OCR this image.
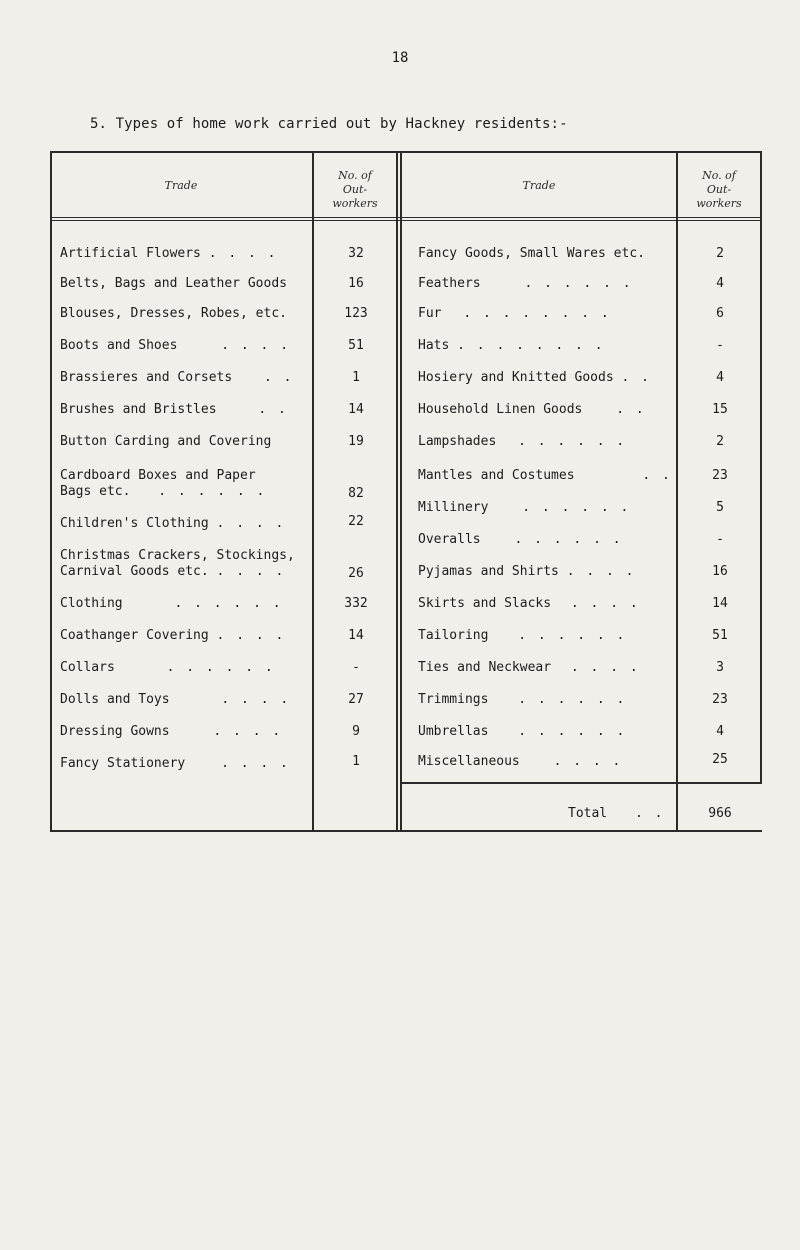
18
5. Types of home work carried out by Hackney residents:-
Trade
No. of
Out-
workers
Trade
No. of
Out-
workers
Artificial Flowers . . . .	32
Belts, Bags and Leather Goods	16
Blouses, Dresses, Robes, etc.	123
Boots and Shoes	. . . .	51
Brassieres and Corsets . .	1
Brushes and Bristles	. .	14
Button Carding and Covering	19
Cardboard Boxes and Paper
Bags etc. . . . . . .	82
Children's Clothing . . . .	22
Christmas Crackers, Stockings,
Carnival Goods etc. . . . .	26
Clothing	. . . . . .	332
Coathanger Covering . . . .	14
Collars	. . . . . .	-
Dolls and Toys	. . . .	27
Dressing Gowns	. . . .	9
Fancy Stationery	. . . .	1
Fancy Goods, Small Wares etc.	2
Feathers	. . . . . .	4
Fur . . . . . . . .	6
Hats . . . . . . . .	-
Hosiery and Knitted Goods . .	4
Household Linen Goods	. .	15
Lampshades . . . . . .	2
Mantles and Costumes	. .	23
Millinery	. . . . . .	5
Overalls	. . . . . .	-
Pyjamas and Shirts . . . .	16
Skirts and Slacks . . . .	14
Tailoring . . . . . .	51
Ties and Neckwear . . . .	3
Trimmings . . . . . .	23
Umbrellas . . . . . .	4
Miscellaneous	. . . .	25
Total . .	966
